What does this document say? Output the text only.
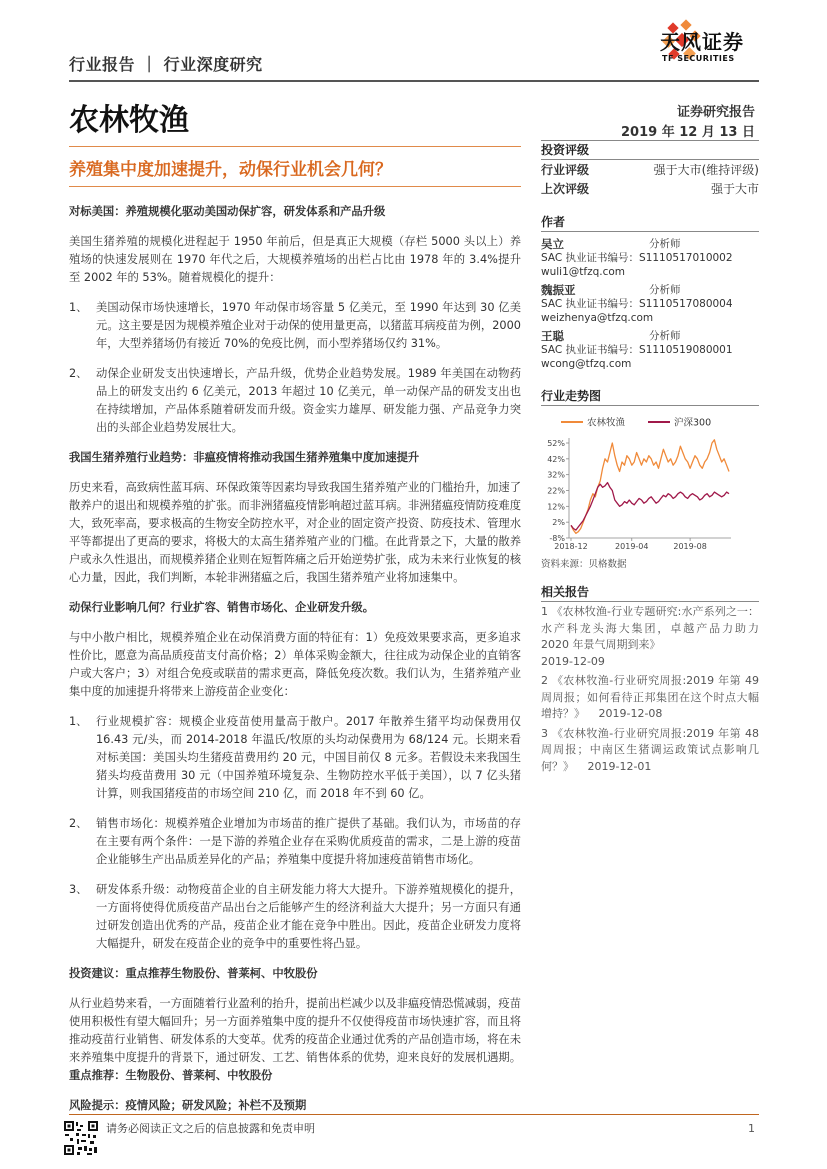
行业报告 ｜ 行业深度研究
天风证券
TF SECURITIES
农林牧渔	证券研究报告
2019 年 12 月 13 日
养殖集中度加速提升，动保行业机会几何？
对标美国：养殖规模化驱动美国动保扩容，研发体系和产品升级

美国生猪养殖的规模化进程起于 1950 年前后，但是真正大规模（存栏 5000 头以上）养殖场的快速发展则在 1970 年代之后，大规模养殖场的出栏占比由 1978 年的 3.4%提升至 2002 年的 53%。随着规模化的提升：

1、 美国动保市场快速增长，1970 年动保市场容量 5 亿美元，至 1990 年达到 30 亿美元。这主要是因为规模养殖企业对于动保的使用量更高，以猪蓝耳病疫苗为例，2000 年，大型养猪场仍有接近 70%的免疫比例，而小型养猪场仅约 31%。
2、 动保企业研发支出快速增长，产品升级，优势企业趋势发展。1989 年美国在动物药品上的研发支出约 6 亿美元，2013 年超过 10 亿美元，单一动保产品的研发支出也在持续增加，产品体系随着研发而升级。资金实力雄厚、研发能力强、产品竞争力突出的头部企业趋势发展壮大。
我国生猪养殖行业趋势：非瘟疫情将推动我国生猪养殖集中度加速提升

历史来看，高致病性蓝耳病、环保政策等因素均导致我国生猪养殖产业的门槛抬升，加速了散养户的退出和规模养殖的扩张。而非洲猪瘟疫情影响超过蓝耳病。非洲猪瘟疫情防疫难度大，致死率高，要求极高的生物安全防控水平，对企业的固定资产投资、防疫技术、管理水平等都提出了更高的要求，将极大的太高生猪养殖产业的门槛。在此背景之下，大量的散养户或永久性退出，而规模养猪企业则在短暂阵痛之后开始逆势扩张，成为未来行业恢复的核心力量，因此，我们判断，本轮非洲猪瘟之后，我国生猪养殖产业将加速集中。

动保行业影响几何？行业扩容、销售市场化、企业研发升级。

与中小散户相比，规模养殖企业在动保消费方面的特征有：1）免疫效果要求高，更多追求性价比，愿意为高品质疫苗支付高价格；2）单体采购金额大，往往成为动保企业的直销客户或大客户；3）对组合免疫或联苗的需求更高，降低免疫次数。我们认为，生猪养殖产业集中度的加速提升将带来上游疫苗企业变化：

1、 行业规模扩容：规模企业疫苗使用量高于散户。2017 年散养生猪平均动保费用仅 16.43 元/头，而 2014-2018 年温氏/牧原的头均动保费用为 68/124 元。长期来看对标美国：美国头均生猪疫苗费用约 20 元，中国目前仅 8 元多。若假设未来我国生猪头均疫苗费用 30 元（中国养殖环境复杂、生物防控水平低于美国），以 7 亿头猪计算，则我国猪疫苗的市场空间 210 亿，而 2018 年不到 60 亿。
2、 销售市场化：规模养殖企业增加为市场苗的推广提供了基础。我们认为，市场苗的存在主要有两个条件：一是下游的养殖企业存在采购优质疫苗的需求，二是上游的疫苗企业能够生产出品质差异化的产品；养殖集中度提升将加速疫苗销售市场化。
3、 研发体系升级：动物疫苗企业的自主研发能力将大大提升。下游养殖规模化的提升，一方面将使得优质疫苗产品出台之后能够产生的经济利益大大提升；另一方面只有通过研发创造出优秀的产品，疫苗企业才能在竞争中胜出。因此，疫苗企业研发力度将大幅提升，研发在疫苗企业的竞争中的重要性将凸显。
投资建议：重点推荐生物股份、普莱柯、中牧股份

从行业趋势来看，一方面随着行业盈利的抬升，提前出栏减少以及非瘟疫情恐慌减弱，疫苗使用积极性有望大幅回升；另一方面养殖集中度的提升不仅使得疫苗市场快速扩容，而且将推动疫苗行业销售、研发体系的大变革。优秀的疫苗企业通过优秀的产品创造市场，将在未来养殖集中度提升的背景下，通过研发、工艺、销售体系的优势，迎来良好的发展机遇期。重点推荐：生物股份、普莱柯、中牧股份

风险提示：疫情风险；研发风险；补栏不及预期
投资评级
行业评级	强于大市(维持评级)
上次评级	强于大市
作者
吴立	分析师
SAC 执业证书编号：S1110517010002
wuli1@tfzq.com
魏振亚	分析师
SAC 执业证书编号：S1110517080004
weizhenya@tfzq.com
王聪	分析师
SAC 执业证书编号：S1110519080001
wcong@tfzq.com
行业走势图
农林牧渔	沪深300
52%
42%
32%
22%
12%
2%
-8%
2018-12	2019-04	2019-08
资料来源：贝格数据
相关报告
1 《农林牧渔-行业专题研究:水产系列之一：水产科龙头海大集团，卓越产品力助力 2020 年景气周期到来》
2019-12-09
2 《农林牧渔-行业研究周报:2019 年第 49 周周报；如何看待正邦集团在这个时点大幅增持？》 2019-12-08
3 《农林牧渔-行业研究周报:2019 年第 48 周周报；中南区生猪调运政策试点影响几何？》 2019-12-01
请务必阅读正文之后的信息披露和免责申明	1
